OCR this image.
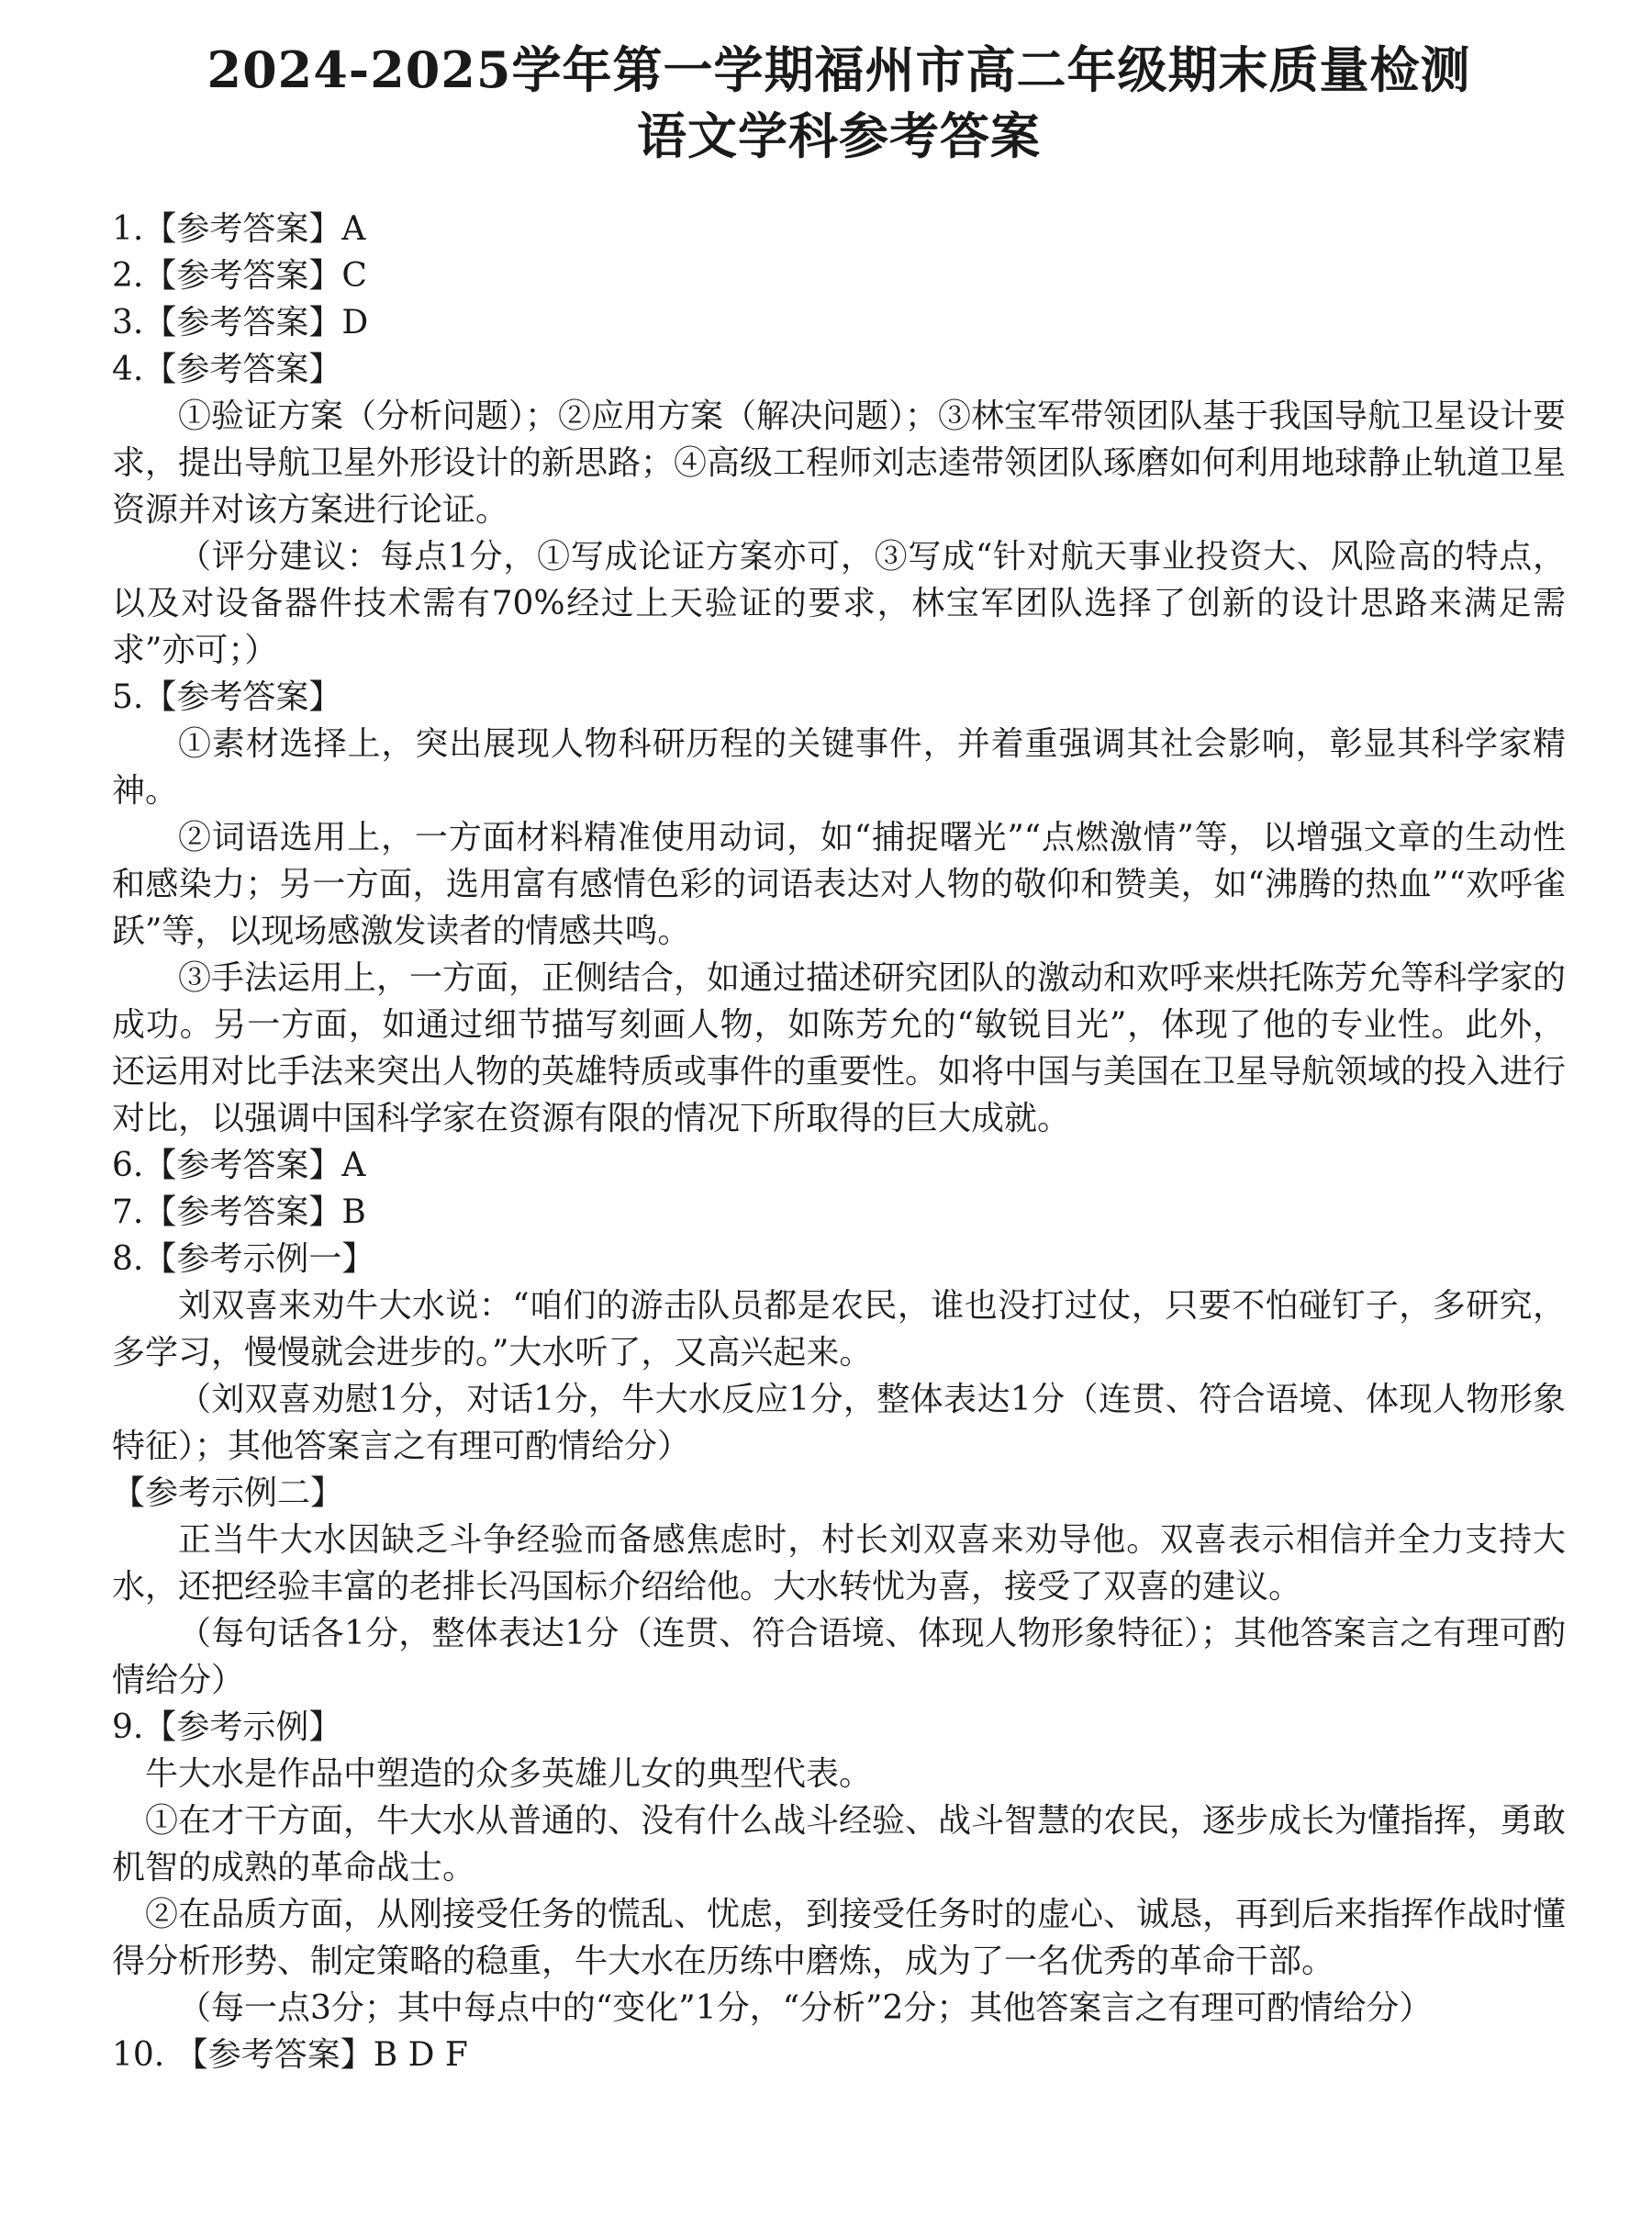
2024-2025学年第一学期福州市高二年级期末质量检测
语文学科参考答案

1.【参考答案】A

2.【参考答案】C

3.【参考答案】D

4.【参考答案】

①验证方案（分析问题）；②应用方案（解决问题）；③林宝军带领团队基于我国导航卫星设计要求，提出导航卫星外形设计的新思路；④高级工程师刘志逵带领团队琢磨如何利用地球静止轨道卫星资源并对该方案进行论证。

（评分建议：每点1分，①写成论证方案亦可，③写成“针对航天事业投资大、风险高的特点，以及对设备器件技术需有70%经过上天验证的要求，林宝军团队选择了创新的设计思路来满足需求”亦可；）

5.【参考答案】

①素材选择上，突出展现人物科研历程的关键事件，并着重强调其社会影响，彰显其科学家精神。

②词语选用上，一方面材料精准使用动词，如“捕捉曙光”“点燃激情”等，以增强文章的生动性和感染力；另一方面，选用富有感情色彩的词语表达对人物的敬仰和赞美，如“沸腾的热血”“欢呼雀跃”等，以现场感激发读者的情感共鸣。

③手法运用上，一方面，正侧结合，如通过描述研究团队的激动和欢呼来烘托陈芳允等科学家的成功。另一方面，如通过细节描写刻画人物，如陈芳允的“敏锐目光”，体现了他的专业性。此外，还运用对比手法来突出人物的英雄特质或事件的重要性。如将中国与美国在卫星导航领域的投入进行对比，以强调中国科学家在资源有限的情况下所取得的巨大成就。

6.【参考答案】A

7.【参考答案】B

8.【参考示例一】

刘双喜来劝牛大水说：“咱们的游击队员都是农民，谁也没打过仗，只要不怕碰钉子，多研究，多学习，慢慢就会进步的。”大水听了，又高兴起来。

（刘双喜劝慰1分，对话1分，牛大水反应1分，整体表达1分（连贯、符合语境、体现人物形象特征）；其他答案言之有理可酌情给分）

【参考示例二】

正当牛大水因缺乏斗争经验而备感焦虑时，村长刘双喜来劝导他。双喜表示相信并全力支持大水，还把经验丰富的老排长冯国标介绍给他。大水转忧为喜，接受了双喜的建议。

（每句话各1分，整体表达1分（连贯、符合语境、体现人物形象特征）；其他答案言之有理可酌情给分）

9.【参考示例】

牛大水是作品中塑造的众多英雄儿女的典型代表。

①在才干方面，牛大水从普通的、没有什么战斗经验、战斗智慧的农民，逐步成长为懂指挥，勇敢机智的成熟的革命战士。

②在品质方面，从刚接受任务的慌乱、忧虑，到接受任务时的虚心、诚恳，再到后来指挥作战时懂得分析形势、制定策略的稳重，牛大水在历练中磨炼，成为了一名优秀的革命干部。

（每一点3分；其中每点中的“变化”1分，“分析”2分；其他答案言之有理可酌情给分）

10. 【参考答案】B D F
